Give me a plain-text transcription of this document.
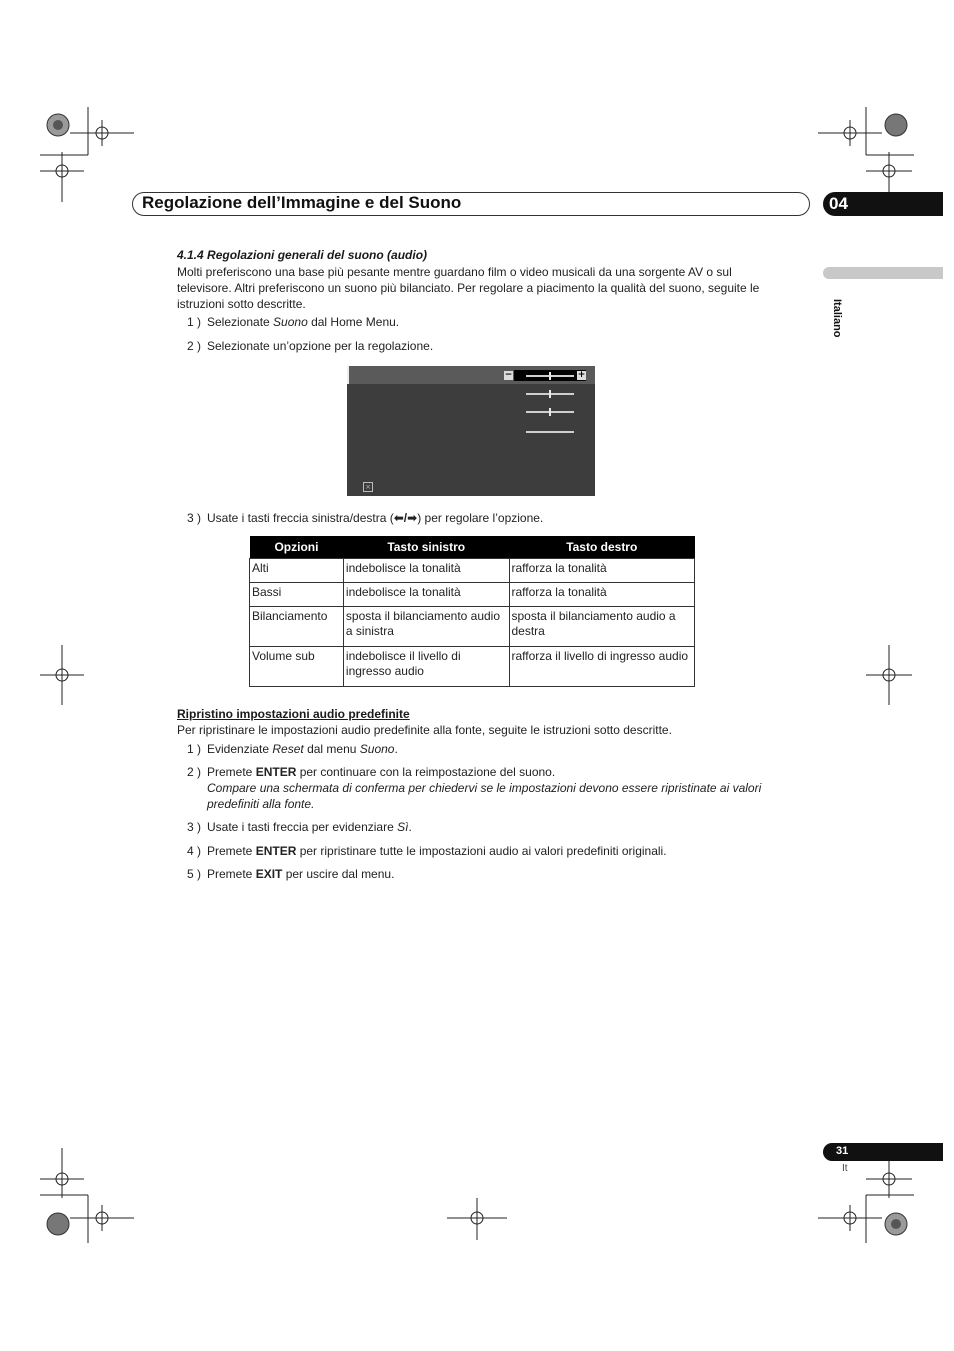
Regolazione dell’Immagine e del Suono	04
Italiano
4.1.4 Regolazioni generali del suono (audio)
Molti preferiscono una base più pesante mentre guardano film o video musicali da una sorgente AV o sul
televisore. Altri preferiscono un suono più bilanciato. Per regolare a piacimento la qualità del suono, seguite le
istruzioni sotto descritte.
1 ) Selezionate Suono dal Home Menu.
2 ) Selezionate un’opzione per la regolazione.
−	+
×
3 ) Usate i tasti freccia sinistra/destra (⬅/➡) per regolare l’opzione.
Opzioni	Tasto sinistro	Tasto destro
Alti	indebolisce la tonalità	rafforza la tonalità
Bassi	indebolisce la tonalità	rafforza la tonalità
Bilanciamento	sposta il bilanciamento audio a sinistra	sposta il bilanciamento audio a destra
Volume sub	indebolisce il livello di ingresso audio	rafforza il livello di ingresso audio
Ripristino impostazioni audio predefinite
Per ripristinare le impostazioni audio predefinite alla fonte, seguite le istruzioni sotto descritte.
1 ) Evidenziate Reset dal menu Suono.
2 ) Premete ENTER per continuare con la reimpostazione del suono.
Compare una schermata di conferma per chiedervi se le impostazioni devono essere ripristinate ai valori
predefiniti alla fonte.
3 ) Usate i tasti freccia per evidenziare Sì.
4 ) Premete ENTER per ripristinare tutte le impostazioni audio ai valori predefiniti originali.
5 ) Premete EXIT per uscire dal menu.
31
It
